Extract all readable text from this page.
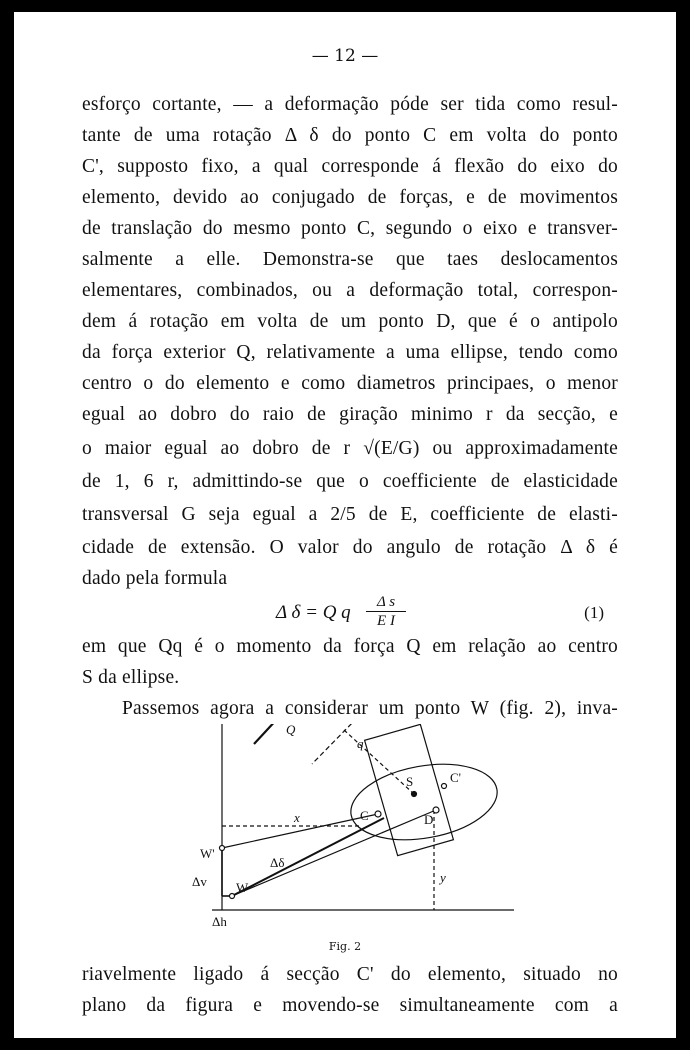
— 12 —
esforço cortante, — a deformação póde ser tida como resul-
tante de uma rotação Δ δ do ponto C em volta do ponto
C', supposto fixo, a qual corresponde á flexão do eixo do
elemento, devido ao conjugado de forças, e de movimentos
de translação do mesmo ponto C, segundo o eixo e transver-
salmente a elle. Demonstra-se que taes deslocamentos
elementares, combinados, ou a deformação total, correspon-
dem á rotação em volta de um ponto D, que é o antipolo
da força exterior Q, relativamente a uma ellipse, tendo como
centro o do elemento e como diametros principaes, o menor
egual ao dobro do raio de giração minimo r da secção, e
o maior egual ao dobro de r √(E/G) ou approximadamente
de 1, 6 r, admittindo-se que o coefficiente de elasticidade
transversal G seja egual a 2/5 de E, coefficiente de elasti-
cidade de extensão. O valor do angulo de rotação Δ δ é
dado pela formula
Δ δ = Q q	Δ s
E I	(1)
em que Qq é o momento da força Q em relação ao centro
S da ellipse.
Passemos agora a considerar um ponto W (fig. 2), inva-
q
Q
S	C'
C	D
x
y
W'
W
Δδ
Δv
Δh
Fig. 2
riavelmente ligado á secção C' do elemento, situado no
plano da figura e movendo-se simultaneamente com a
